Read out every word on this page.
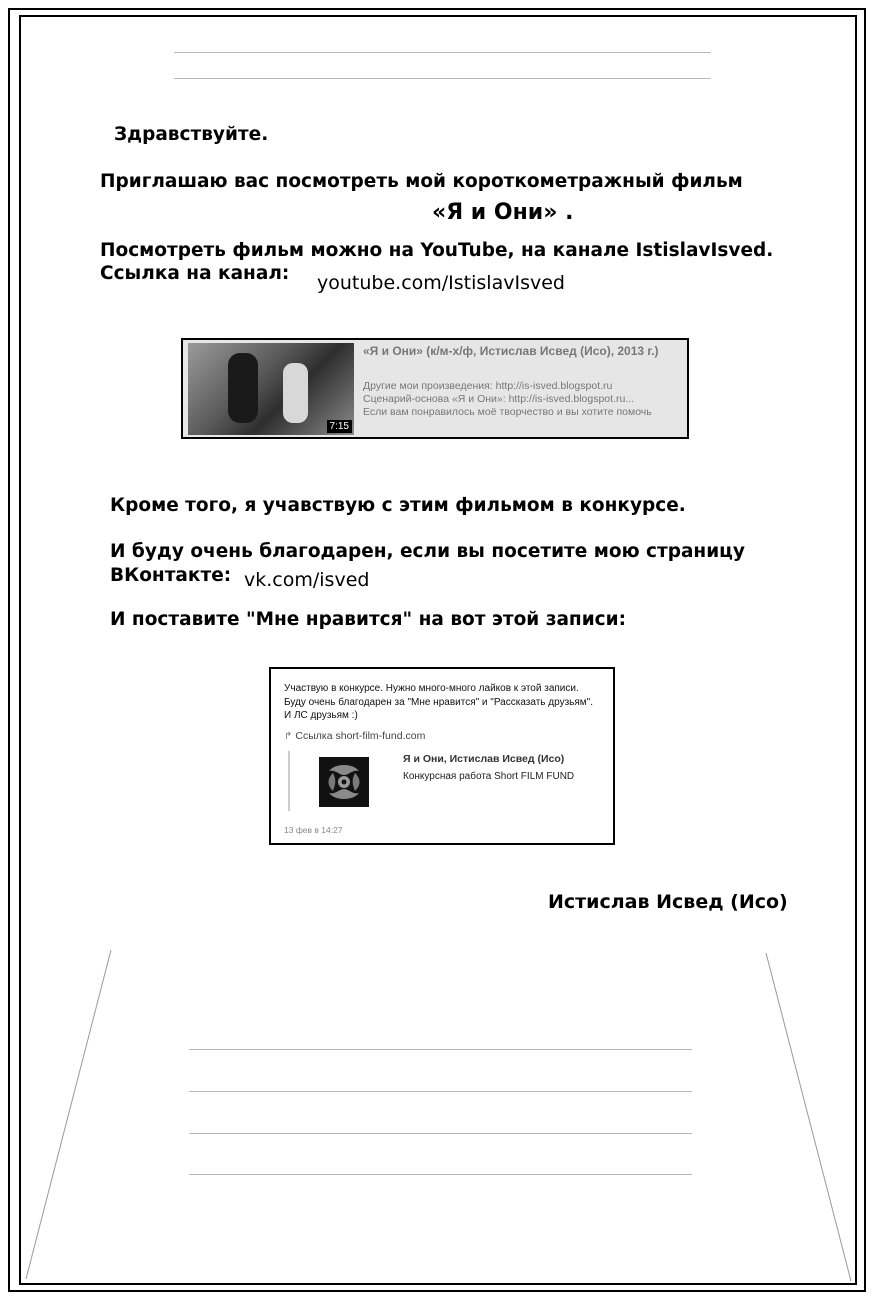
Здравствуйте.
Приглашаю вас посмотреть мой короткометражный фильм
«Я и Они» .
Посмотреть фильм можно на YouTube, на канале IstislavIsved.
Ссылка на канал: youtube.com/IstislavIsved
7:15
«Я и Они» (к/м-х/ф, Истислав Исвед (Исо), 2013 г.)
Другие мои произведения: http://is-isved.blogspot.ru
Сценарий-основа «Я и Они»: http://is-isved.blogspot.ru...
Если вам понравилось моё творчество и вы хотите помочь
Кроме того, я учавствую с этим фильмом в конкурсе.
И буду очень благодарен, если вы посетите мою страницу
ВКонтакте: vk.com/isved
И поставите "Мне нравится" на вот этой записи:
Участвую в конкурсе. Нужно много-много лайков к этой записи. Буду очень благодарен за "Мне нравится" и "Рассказать друзьям". И ЛС друзьям :)
↱ Ссылка short-film-fund.com
Я и Они, Истислав Исвед (Исо)
Конкурсная работа Short FILM FUND
13 фев в 14:27
Истислав Исвед (Исо)
